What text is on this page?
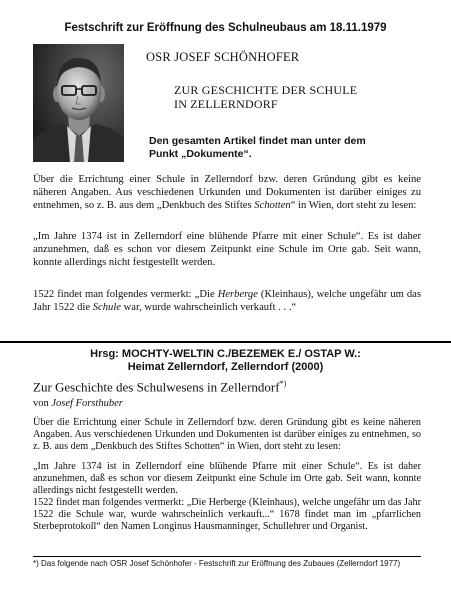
Festschrift zur Eröffnung des Schulneubaus am 18.11.1979
OSR JOSEF SCHÖNHOFER
ZUR GESCHICHTE DER SCHULE
IN ZELLERNDORF
Den gesamten Artikel findet man unter dem
Punkt „Dokumente“.

Über die Errichtung einer Schule in Zellerndorf bzw. deren Gründung gibt es keine näheren Angaben. Aus veschiedenen Urkunden und Dokumenten ist darüber einiges zu entnehmen, so z. B. aus dem „Denkbuch des Stiftes Schotten“ in Wien, dort steht zu lesen:

„Im Jahre 1374 ist in Zellerndorf eine blühende Pfarre mit einer Schule“. Es ist daher anzunehmen, daß es schon vor diesem Zeitpunkt eine Schule im Orte gab. Seit wann, konnte allerdings nicht festgestellt werden.

1522 findet man folgendes vermerkt: „Die Herberge (Kleinhaus), welche ungefähr um das Jahr 1522 die Schule war, wurde wahrscheinlich verkauft . . .“

Hrsg: MOCHTY-WELTIN C./BEZEMEK E./ OSTAP W.:
Heimat Zellerndorf, Zellerndorf (2000)
Zur Geschichte des Schulwesens in Zellerndorf*)
von Josef Forsthuber

Über die Errichtung einer Schule in Zellerndorf bzw. deren Gründung gibt es keine näheren Angaben. Aus verschiedenen Urkunden und Dokumenten ist darüber einiges zu entnehmen, so z. B. aus dem „Denkbuch des Stiftes Schotten“ in Wien, dort steht zu lesen:

„Im Jahre 1374 ist in Zellerndorf eine blühende Pfarre mit einer Schule“. Es ist daher anzunehmen, daß es schon vor diesem Zeitpunkt eine Schule im Orte gab. Seit wann, konnte allerdings nicht festgestellt werden.

1522 findet man folgendes vermerkt: „Die Herberge (Kleinhaus), welche ungefähr um das Jahr 1522 die Schule war, wurde wahrscheinlich verkauft...“ 1678 findet man im „pfarrlichen Sterbeprotokoll“ den Namen Longinus Hausmanninger, Schullehrer und Organist.

*) Das folgende nach OSR Josef Schönhofer - Festschrift zur Eröffnung des Zubaues (Zellerndorf 1977)
